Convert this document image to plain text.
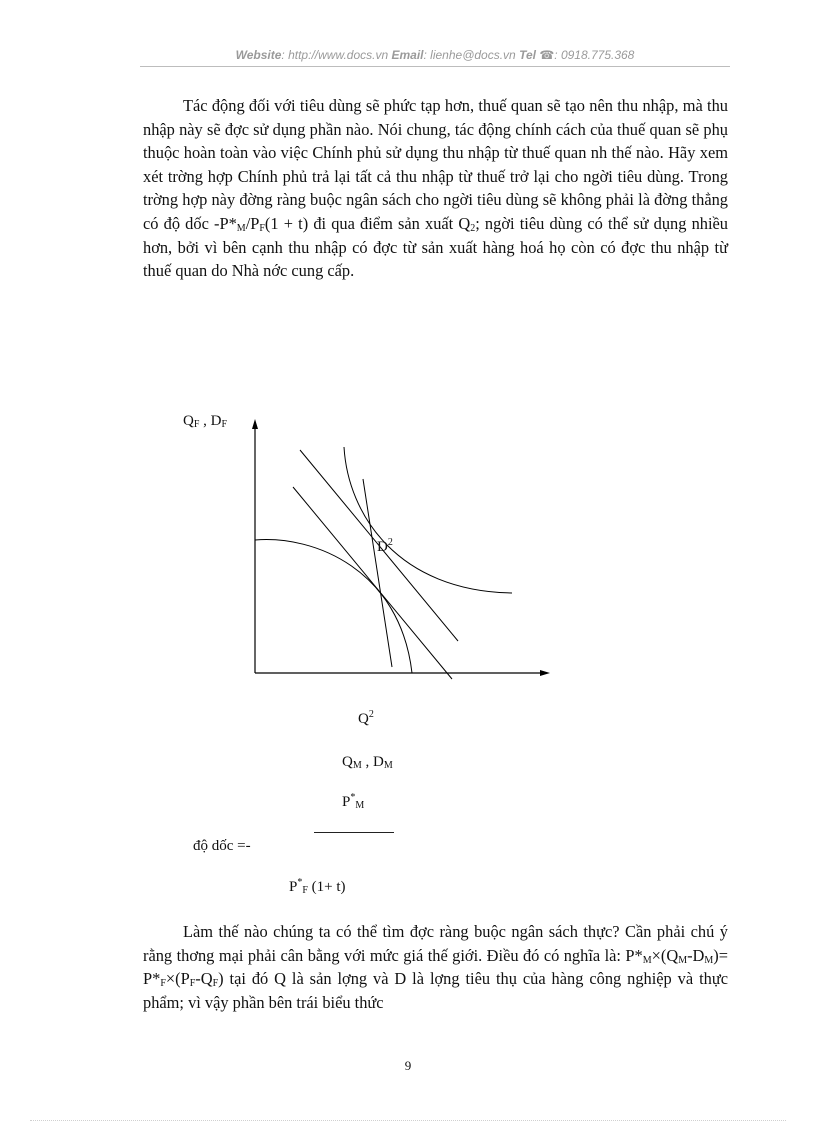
Website: http://www.docs.vn Email: lienhe@docs.vn Tel ☎: 0918.775.368

Tác động đối với tiêu dùng sẽ phức tạp hơn, thuế quan sẽ tạo nên thu nhập, mà thu nhập này sẽ đợc sử dụng phần nào. Nói chung, tác động chính cách của thuế quan sẽ phụ thuộc hoàn toàn vào việc Chính phủ sử dụng thu nhập từ thuế quan nh thế nào. Hãy xem xét trờng hợp Chính phủ trả lại tất cả thu nhập từ thuế trở lại cho ngời tiêu dùng. Trong trờng hợp này đờng ràng buộc ngân sách cho ngời tiêu dùng sẽ không phải là đờng thẳng có độ dốc $-P*_M/P_F(1 + t)$ đi qua điểm sản xuất $Q_2$; ngời tiêu dùng có thể sử dụng nhiều hơn, bởi vì bên cạnh thu nhập có đợc từ sản xuất hàng hoá họ còn có đợc thu nhập từ thuế quan do Nhà nớc cung cấp.

$Q_F$ , $D_F$
$D^2$
$Q^2$
$Q_M$ , $D_M$
$P^*_M$
độ dốc =-
$P^*_F$ (1+ t)

Làm thế nào chúng ta có thể tìm đợc ràng buộc ngân sách thực? Cần phải chú ý rằng thơng mại phải cân bằng với mức giá thế giới. Điều đó có nghĩa là: $P*_M\times(Q_M-D_M)= P*_F\times(P_F-Q_F)$ tại đó Q là sản lợng và D là lợng tiêu thụ của hàng công nghiệp và thực phẩm; vì vậy phần bên trái biểu thức

9
